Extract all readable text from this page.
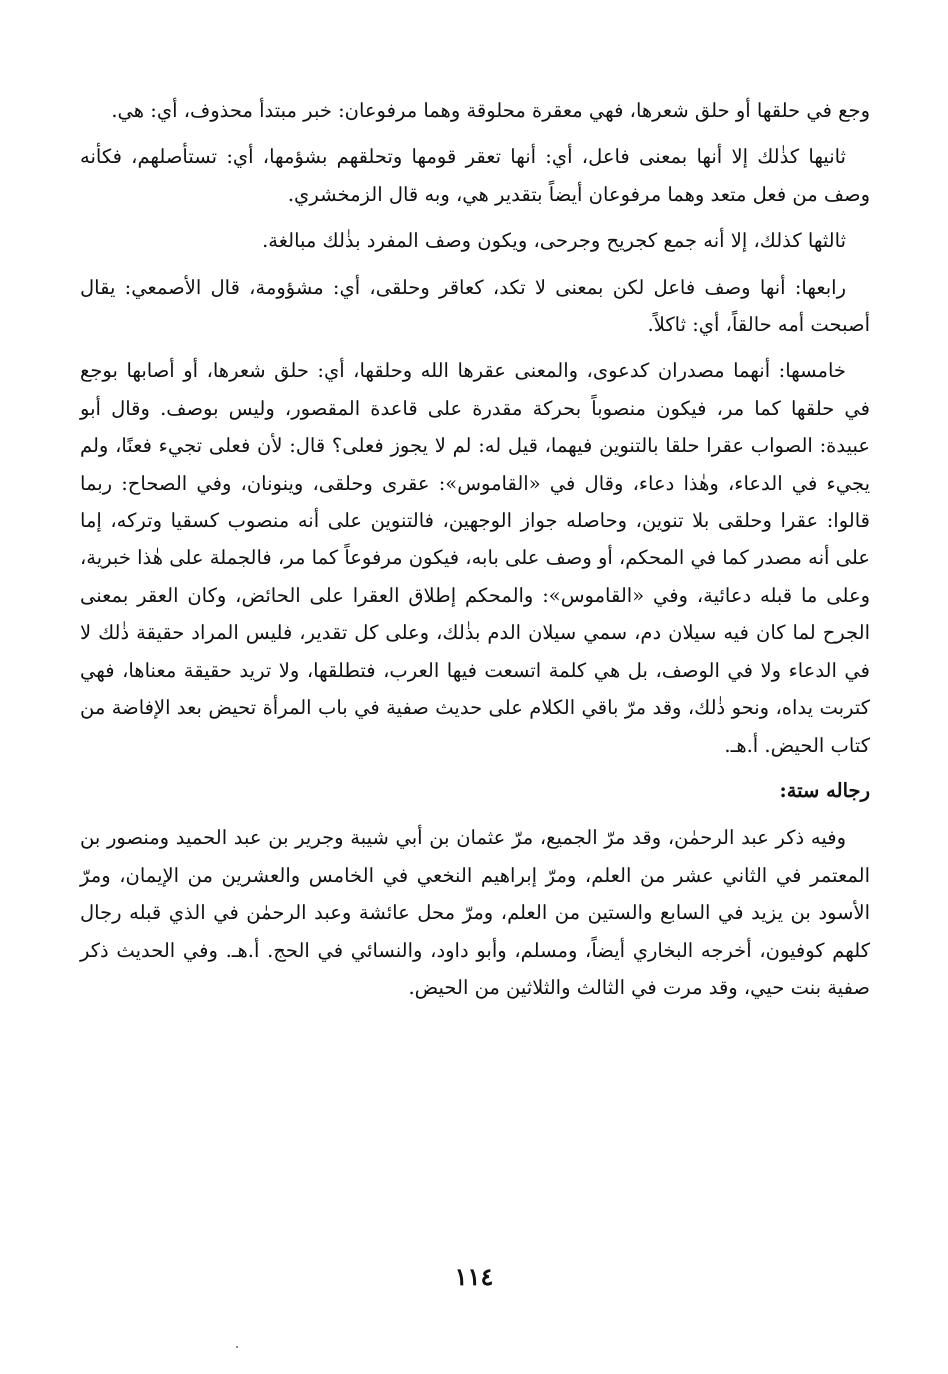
وجع في حلقها أو حلق شعرها، فهي معقرة محلوقة وهما مرفوعان: خبر مبتدأ محذوف، أي: هي.

ثانيها كذٰلك إلا أنها بمعنى فاعل، أي: أنها تعقر قومها وتحلقهم بشؤمها، أي: تستأصلهم، فكأنه وصف من فعل متعد وهما مرفوعان أيضاً بتقدير هي، وبه قال الزمخشري.

ثالثها كذلك، إلا أنه جمع كجريح وجرحى، ويكون وصف المفرد بذٰلك مبالغة.

رابعها: أنها وصف فاعل لكن بمعنى لا تكد، كعاقر وحلقى، أي: مشؤومة، قال الأصمعي: يقال أصبحت أمه حالقاً، أي: ثاكلاً.

خامسها: أنهما مصدران كدعوى، والمعنى عقرها الله وحلقها، أي: حلق شعرها، أو أصابها بوجع في حلقها كما مر، فيكون منصوباً بحركة مقدرة على قاعدة المقصور، وليس بوصف. وقال أبو عبيدة: الصواب عقرا حلقا بالتنوين فيهما، قيل له: لم لا يجوز فعلى؟ قال: لأن فعلى تجيء فعنًا، ولم يجيء في الدعاء، وهٰذا دعاء، وقال في «القاموس»: عقرى وحلقى، وينونان، وفي الصحاح: ربما قالوا: عقرا وحلقى بلا تنوين، وحاصله جواز الوجهين، فالتنوين على أنه منصوب كسقيا وتركه، إما على أنه مصدر كما في المحكم، أو وصف على بابه، فيكون مرفوعاً كما مر، فالجملة على هٰذا خبرية، وعلى ما قبله دعائية، وفي «القاموس»: والمحكم إطلاق العقرا على الحائض، وكان العقر بمعنى الجرح لما كان فيه سيلان دم، سمي سيلان الدم بذٰلك، وعلى كل تقدير، فليس المراد حقيقة ذٰلك لا في الدعاء ولا في الوصف، بل هي كلمة اتسعت فيها العرب، فتطلقها، ولا تريد حقيقة معناها، فهي كتربت يداه، ونحو ذٰلك، وقد مرّ باقي الكلام على حديث صفية في باب المرأة تحيض بعد الإفاضة من كتاب الحيض. أ.هـ.

رجاله ستة:

وفيه ذكر عبد الرحمٰن، وقد مرّ الجميع، مرّ عثمان بن أبي شيبة وجرير بن عبد الحميد ومنصور بن المعتمر في الثاني عشر من العلم، ومرّ إبراهيم النخعي في الخامس والعشرين من الإيمان، ومرّ الأسود بن يزيد في السابع والستين من العلم، ومرّ محل عائشة وعبد الرحمٰن في الذي قبله رجال كلهم كوفيون، أخرجه البخاري أيضاً، ومسلم، وأبو داود، والنسائي في الحج. أ.هـ. وفي الحديث ذكر صفية بنت حيي، وقد مرت في الثالث والثلاثين من الحيض.

١١٤
